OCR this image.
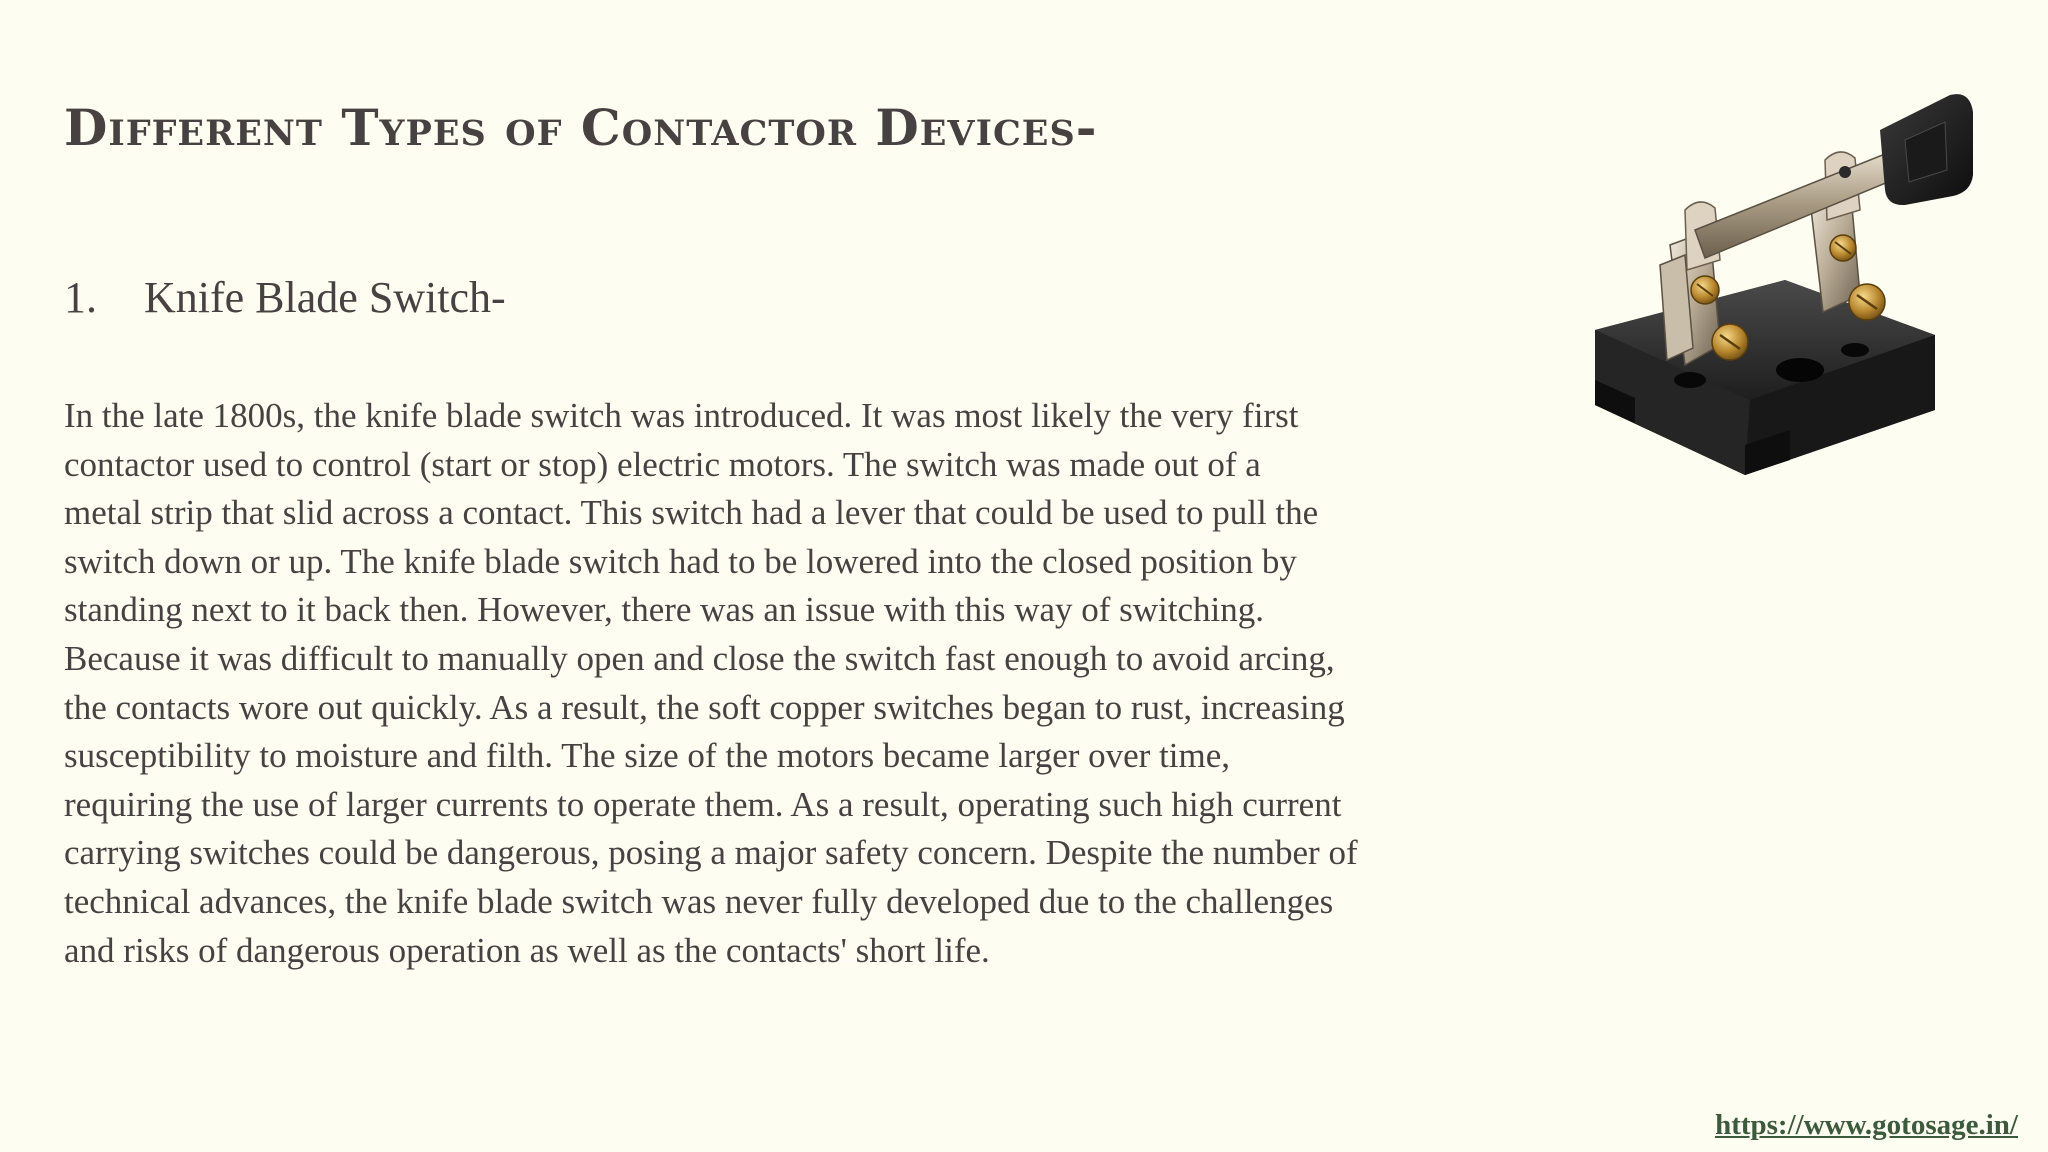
Different Types of Contactor Devices-
1. Knife Blade Switch-
In the late 1800s, the knife blade switch was introduced. It was most likely the very first
contactor used to control (start or stop) electric motors. The switch was made out of a
metal strip that slid across a contact. This switch had a lever that could be used to pull the
switch down or up. The knife blade switch had to be lowered into the closed position by
standing next to it back then. However, there was an issue with this way of switching.
Because it was difficult to manually open and close the switch fast enough to avoid arcing,
the contacts wore out quickly. As a result, the soft copper switches began to rust, increasing
susceptibility to moisture and filth. The size of the motors became larger over time,
requiring the use of larger currents to operate them. As a result, operating such high current
carrying switches could be dangerous, posing a major safety concern. Despite the number of
technical advances, the knife blade switch was never fully developed due to the challenges
and risks of dangerous operation as well as the contacts' short life.
https://www.gotosage.in/
